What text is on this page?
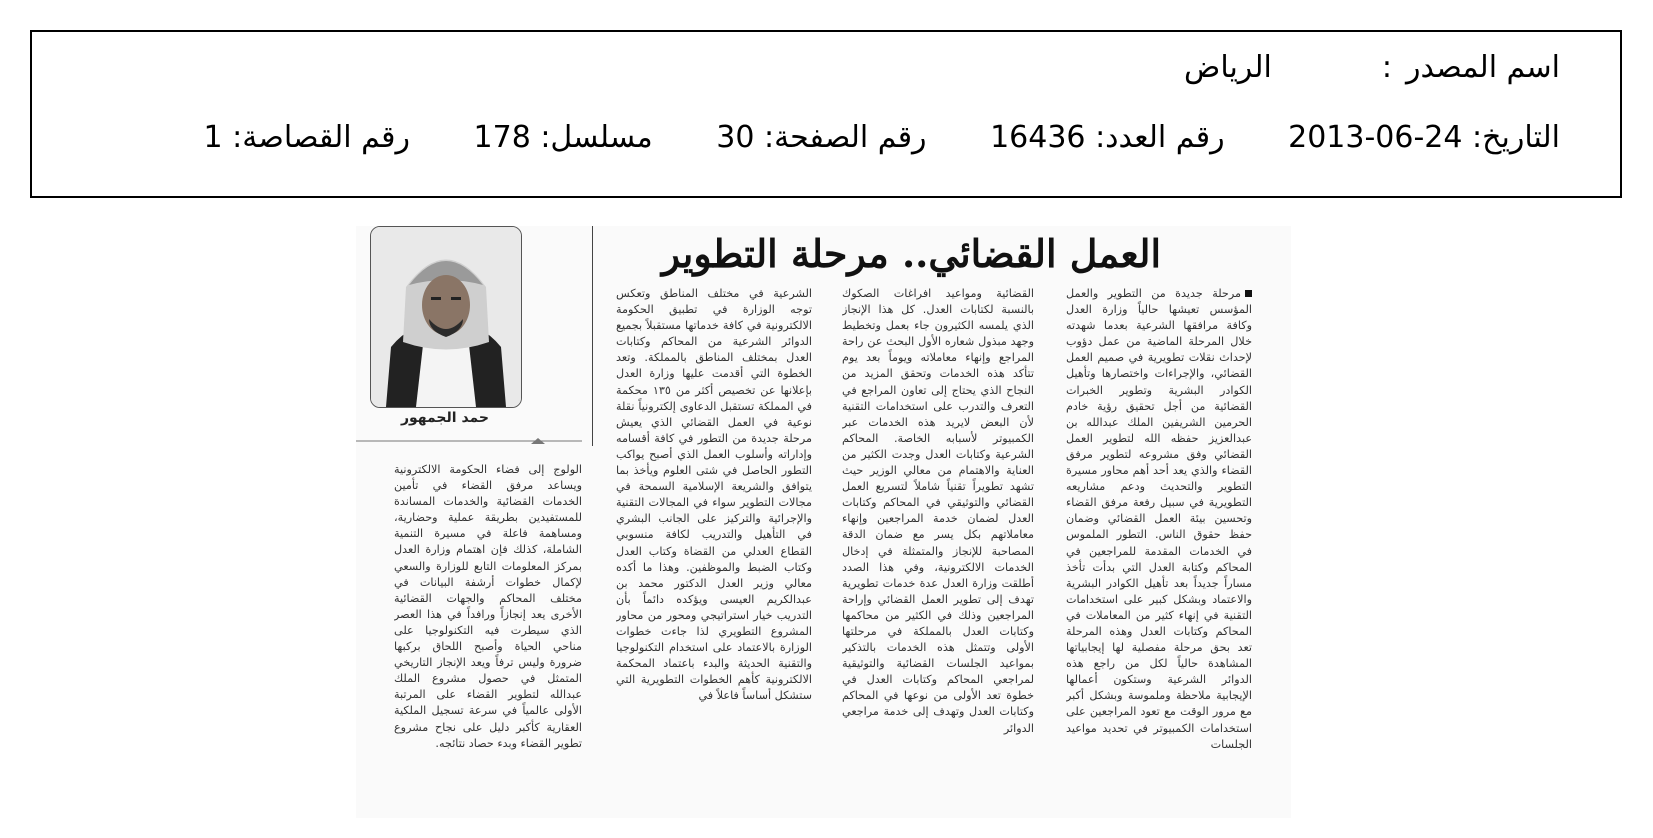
اسم المصدر:الرياض
التاريخ: 2013-06-24 رقم العدد: 16436 رقم الصفحة: 30 مسلسل: 178 رقم القصاصة: 1
العمل القضائي.. مرحلة التطوير
مرحلة جديدة من التطوير والعمل المؤسس تعيشها حالياً وزارة العدل وكافة مرافقها الشرعية بعدما شهدته خلال المرحلة الماضية من عمل دؤوب لإحداث نقلات تطويرية في صميم العمل القضائي، والإجراءات واختصارها وتأهيل الكوادر البشرية وتطوير الخبرات القضائية من أجل تحقيق رؤية خادم الحرمين الشريفين الملك عبدالله بن عبدالعزيز حفظه الله لتطوير العمل القضائي وفق مشروعه لتطوير مرفق القضاء والذي يعد أحد أهم محاور مسيرة التطوير والتحديث ودعم مشاريعه التطويرية في سبيل رفعة مرفق القضاء وتحسين بيئة العمل القضائي وضمان حفظ حقوق الناس. التطور الملموس في الخدمات المقدمة للمراجعين في المحاكم وكتابة العدل التي بدأت تأخذ مساراً جديداً بعد تأهيل الكوادر البشرية والاعتماد وبشكل كبير على استخدامات التقنية في إنهاء كثير من المعاملات في المحاكم وكتابات العدل وهذه المرحلة تعد بحق مرحلة مفصلية لها إيجابياتها المشاهدة حالياً لكل من راجع هذه الدوائر الشرعية وستكون أعمالها الإيجابية ملاحظة وملموسة وبشكل أكبر مع مرور الوقت مع تعود المراجعين على استخدامات الكمبيوتر في تحديد مواعيد الجلسات
القضائية ومواعيد افراغات الصكوك بالنسبة لكتابات العدل. كل هذا الإنجاز الذي يلمسه الكثيرون جاء بعمل وتخطيط وجهد مبذول شعاره الأول البحث عن راحة المراجع وإنهاء معاملاته ويوماً بعد يوم تتأكد هذه الخدمات وتحقق المزيد من النجاح الذي يحتاج إلى تعاون المراجع في التعرف والتدرب على استخدامات التقنية لأن البعض لايريد هذه الخدمات عبر الكمبيوتر لأسبابه الخاصة. المحاكم الشرعية وكتابات العدل وجدت الكثير من العناية والاهتمام من معالي الوزير حيث تشهد تطويراً تقنياً شاملاً لتسريع العمل القضائي والتوثيقي في المحاكم وكتابات العدل لضمان خدمة المراجعين وإنهاء معاملاتهم بكل يسر مع ضمان الدقة المصاحبة للإنجاز والمتمثلة في إدخال الخدمات الالكترونية، وفي هذا الصدد أطلقت وزارة العدل عدة خدمات تطويرية تهدف إلى تطوير العمل القضائي وإراحة المراجعين وذلك في الكثير من محاكمها وكتابات العدل بالمملكة في مرحلتها الأولى وتتمثل هذه الخدمات بالتذكير بمواعيد الجلسات القضائية والتوثيقية لمراجعي المحاكم وكتابات العدل في خطوة تعد الأولى من نوعها في المحاكم وكتابات العدل وتهدف إلى خدمة مراجعي الدوائر
الشرعية في مختلف المناطق وتعكس توجه الوزارة في تطبيق الحكومة الالكترونية في كافة خدماتها مستقبلاً بجميع الدوائر الشرعية من المحاكم وكتابات العدل بمختلف المناطق بالمملكة. وتعد الخطوة التي أقدمت عليها وزارة العدل بإعلانها عن تخصيص أكثر من ١٣٥ محكمة في المملكة تستقبل الدعاوى إلكترونياً نقلة نوعية في العمل القضائي الذي يعيش مرحلة جديدة من التطور في كافة أقسامه وإداراته وأسلوب العمل الذي أصبح يواكب التطور الحاصل في شتى العلوم ويأخذ بما يتوافق والشريعة الإسلامية السمحة في مجالات التطوير سواء في المجالات التقنية والإجرائية والتركيز على الجانب البشري في التأهيل والتدريب لكافة منسوبي القطاع العدلي من القضاة وكتاب العدل وكتاب الضبط والموظفين. وهذا ما أكده معالي وزير العدل الدكتور محمد بن عبدالكريم العيسى ويؤكده دائماً بأن التدريب خيار استراتيجي ومحور من محاور المشروع التطويري لذا جاءت خطوات الوزارة بالاعتماد على استخدام التكنولوجيا والتقنية الحديثة والبدء باعتماد المحكمة الالكترونية كأهم الخطوات التطويرية التي ستشكل أساساً فاعلاً في
الولوج إلى فضاء الحكومة الالكترونية ويساعد مرفق القضاء في تأمين الخدمات القضائية والخدمات المساندة للمستفيدين بطريقة عملية وحضارية، ومساهمة فاعلة في مسيرة التنمية الشاملة، كذلك فإن اهتمام وزارة العدل بمركز المعلومات التابع للوزارة والسعي لإكمال خطوات أرشفة البيانات في مختلف المحاكم والجهات القضائية الأخرى يعد إنجازاً ورافداً في هذا العصر الذي سيطرت فيه التكنولوجيا على مناحي الحياة وأصبح اللحاق بركبها ضرورة وليس ترفاً ويعد الإنجاز التاريخي المتمثل في حصول مشروع الملك عبدالله لتطوير القضاء على المرتبة الأولى عالمياً في سرعة تسجيل الملكية العقارية كأكبر دليل على نجاح مشروع تطوير القضاء وبدء حصاد نتائجه.
حمد الجمهور
